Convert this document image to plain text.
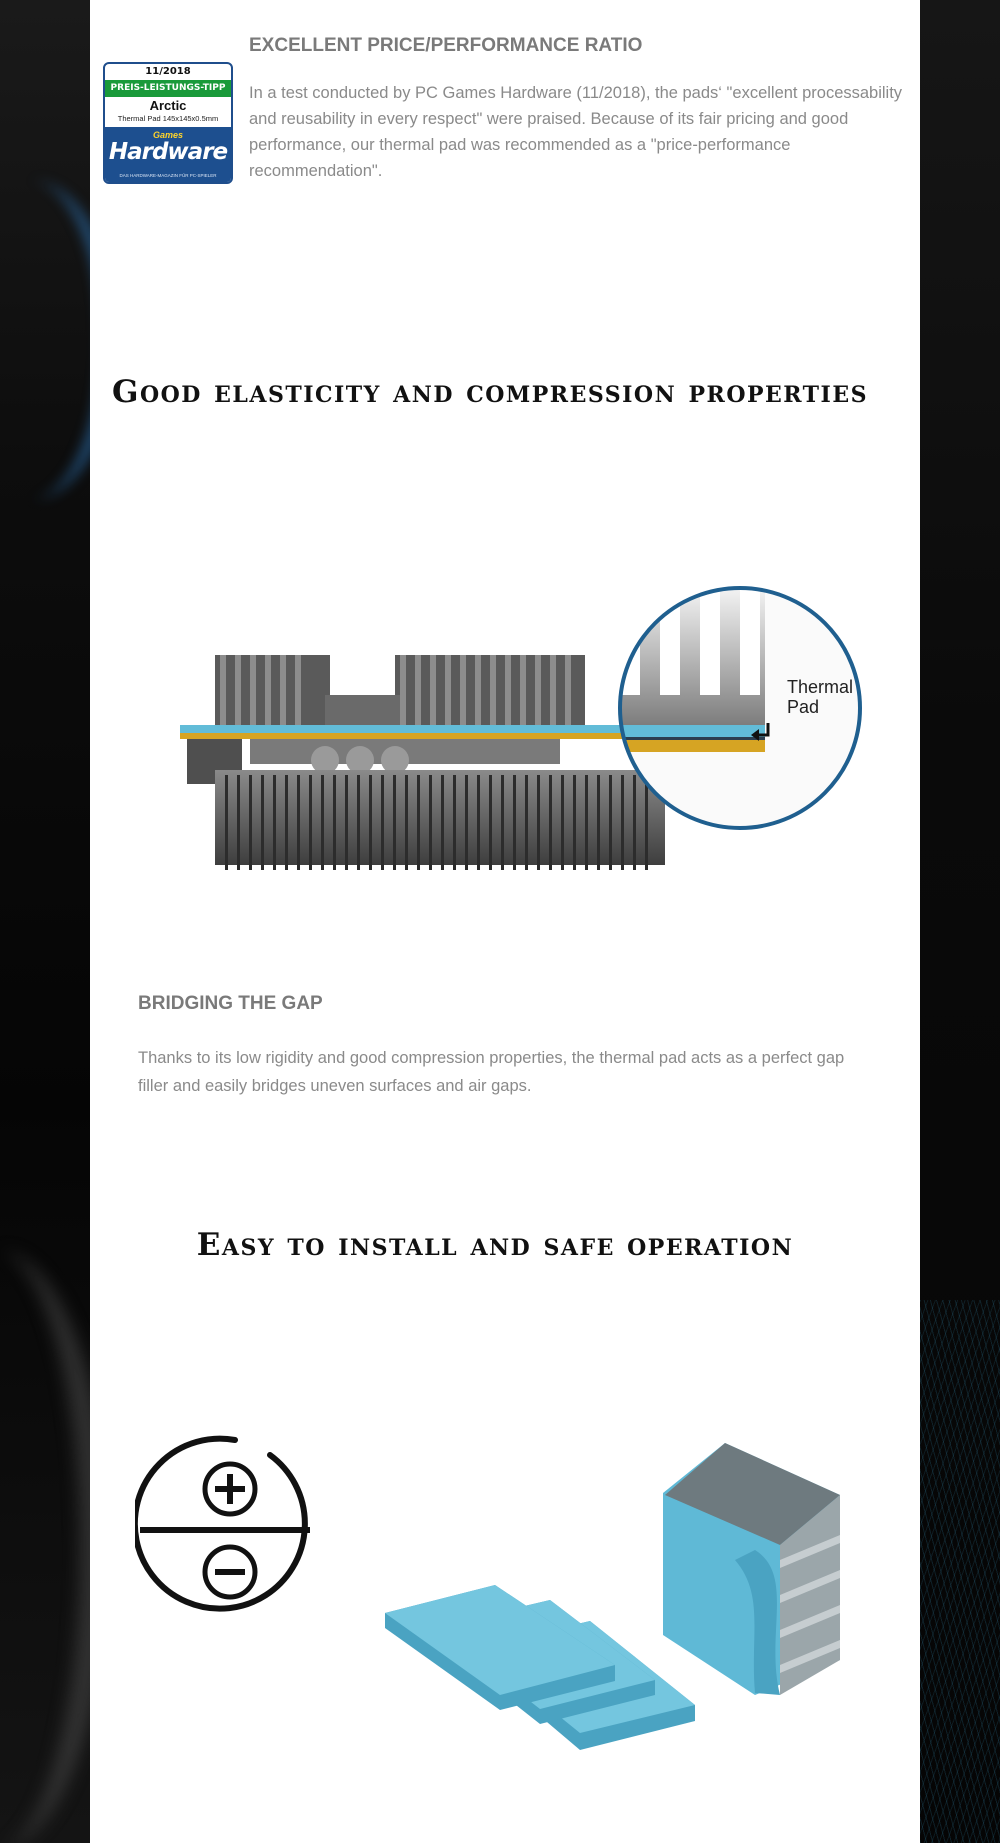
11/2018
PREIS-LEISTUNGS-TIPP
Arctic
Thermal Pad 145x145x0.5mm
Games
Hardware
DAS HARDWARE-MAGAZIN FÜR PC-SPIELER
EXCELLENT PRICE/PERFORMANCE RATIO
In a test conducted by PC Games Hardware (11/2018), the pads‘ "excellent processability and reusability in every respect" were praised. Because of its fair pricing and good performance, our thermal pad was recommended as a "price-performance recommendation".
Good elasticity and compression properties
Thermal
Pad
BRIDGING THE GAP
Thanks to its low rigidity and good compression properties, the thermal pad acts as a perfect gap filler and easily bridges uneven surfaces and air gaps.
Easy to install and safe operation
